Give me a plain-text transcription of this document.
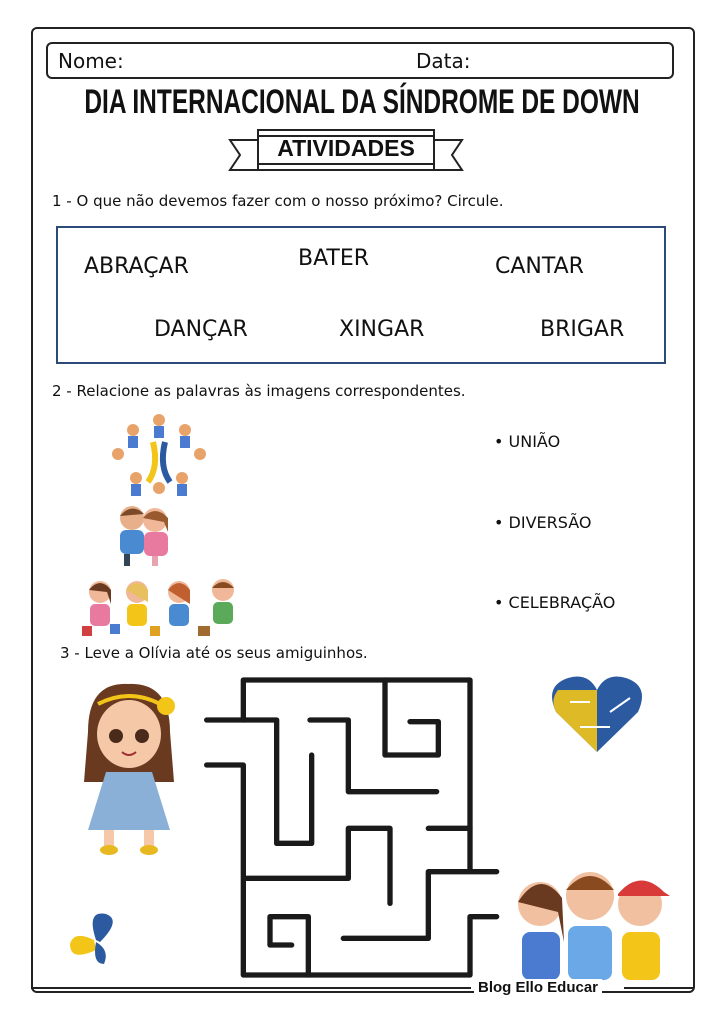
Nome:	Data:
DIA INTERNACIONAL DA SÍNDROME DE DOWN
ATIVIDADES
1 - O que não devemos fazer com o nosso próximo? Circule.
ABRAÇAR	BATER	CANTAR
DANÇAR	XINGAR	BRIGAR
2 - Relacione as palavras às imagens correspondentes.
• UNIÃO
• DIVERSÃO
• CELEBRAÇÃO
3 - Leve a Olívia até os seus amiguinhos.
Blog Ello Educar
